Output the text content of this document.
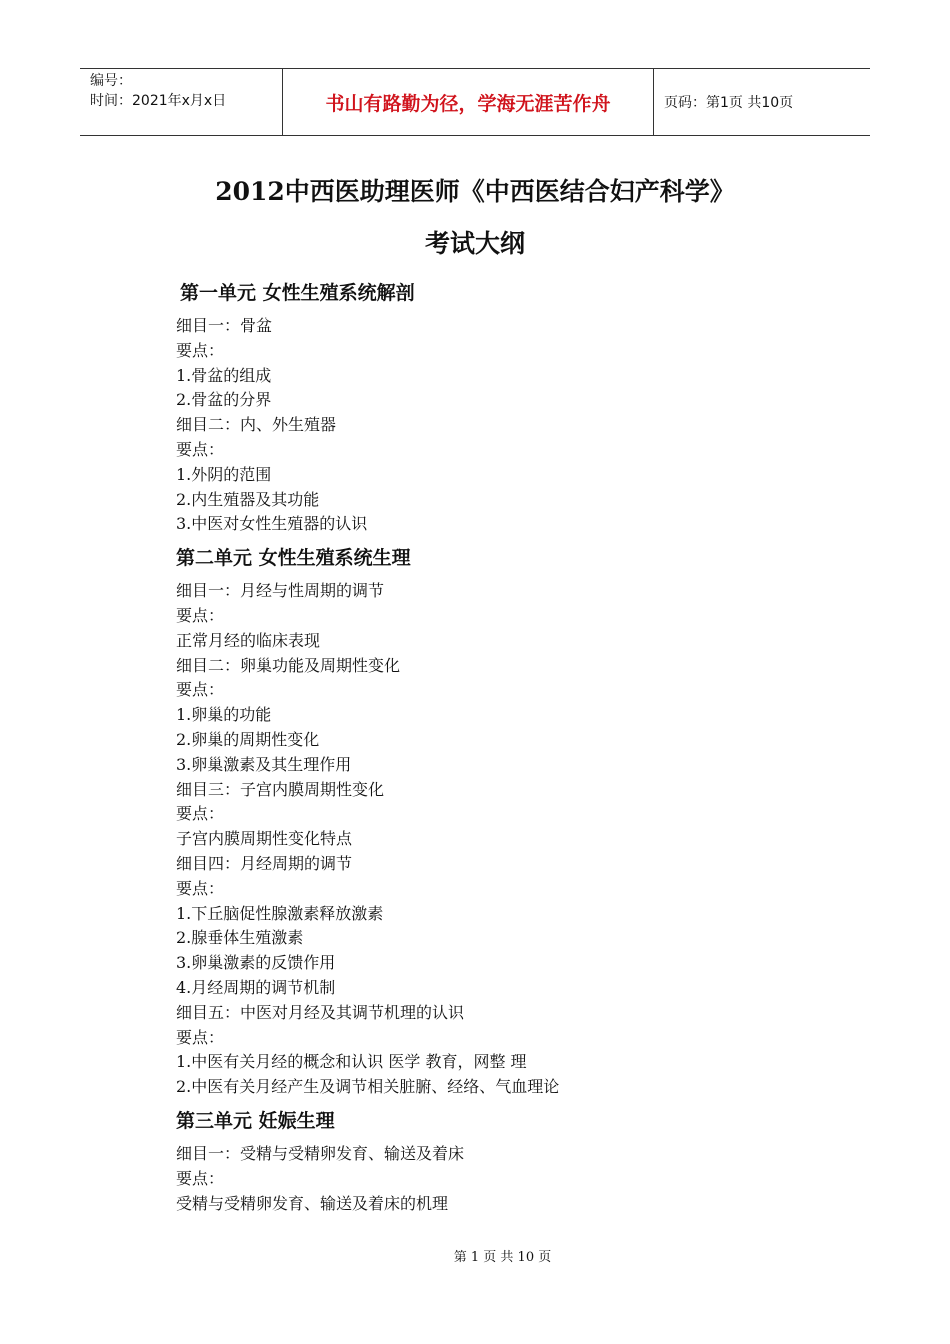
编号：
时间：2021年x月x日	书山有路勤为径，学海无涯苦作舟	页码：第1页 共10页
2012中西医助理医师《中西医结合妇产科学》
考试大纲
第一单元 女性生殖系统解剖
细目一：骨盆
要点：
1.骨盆的组成
2.骨盆的分界
细目二：内、外生殖器
要点：
1.外阴的范围
2.内生殖器及其功能
3.中医对女性生殖器的认识
第二单元 女性生殖系统生理
细目一：月经与性周期的调节
要点：
正常月经的临床表现
细目二：卵巢功能及周期性变化
要点：
1.卵巢的功能
2.卵巢的周期性变化
3.卵巢激素及其生理作用
细目三：子宫内膜周期性变化
要点：
子宫内膜周期性变化特点
细目四：月经周期的调节
要点：
1.下丘脑促性腺激素释放激素
2.腺垂体生殖激素
3.卵巢激素的反馈作用
4.月经周期的调节机制
细目五：中医对月经及其调节机理的认识
要点：
1.中医有关月经的概念和认识 医学 教育，网整 理
2.中医有关月经产生及调节相关脏腑、经络、气血理论
第三单元 妊娠生理
细目一：受精与受精卵发育、输送及着床
要点：
受精与受精卵发育、输送及着床的机理
第 1 页 共 10 页
